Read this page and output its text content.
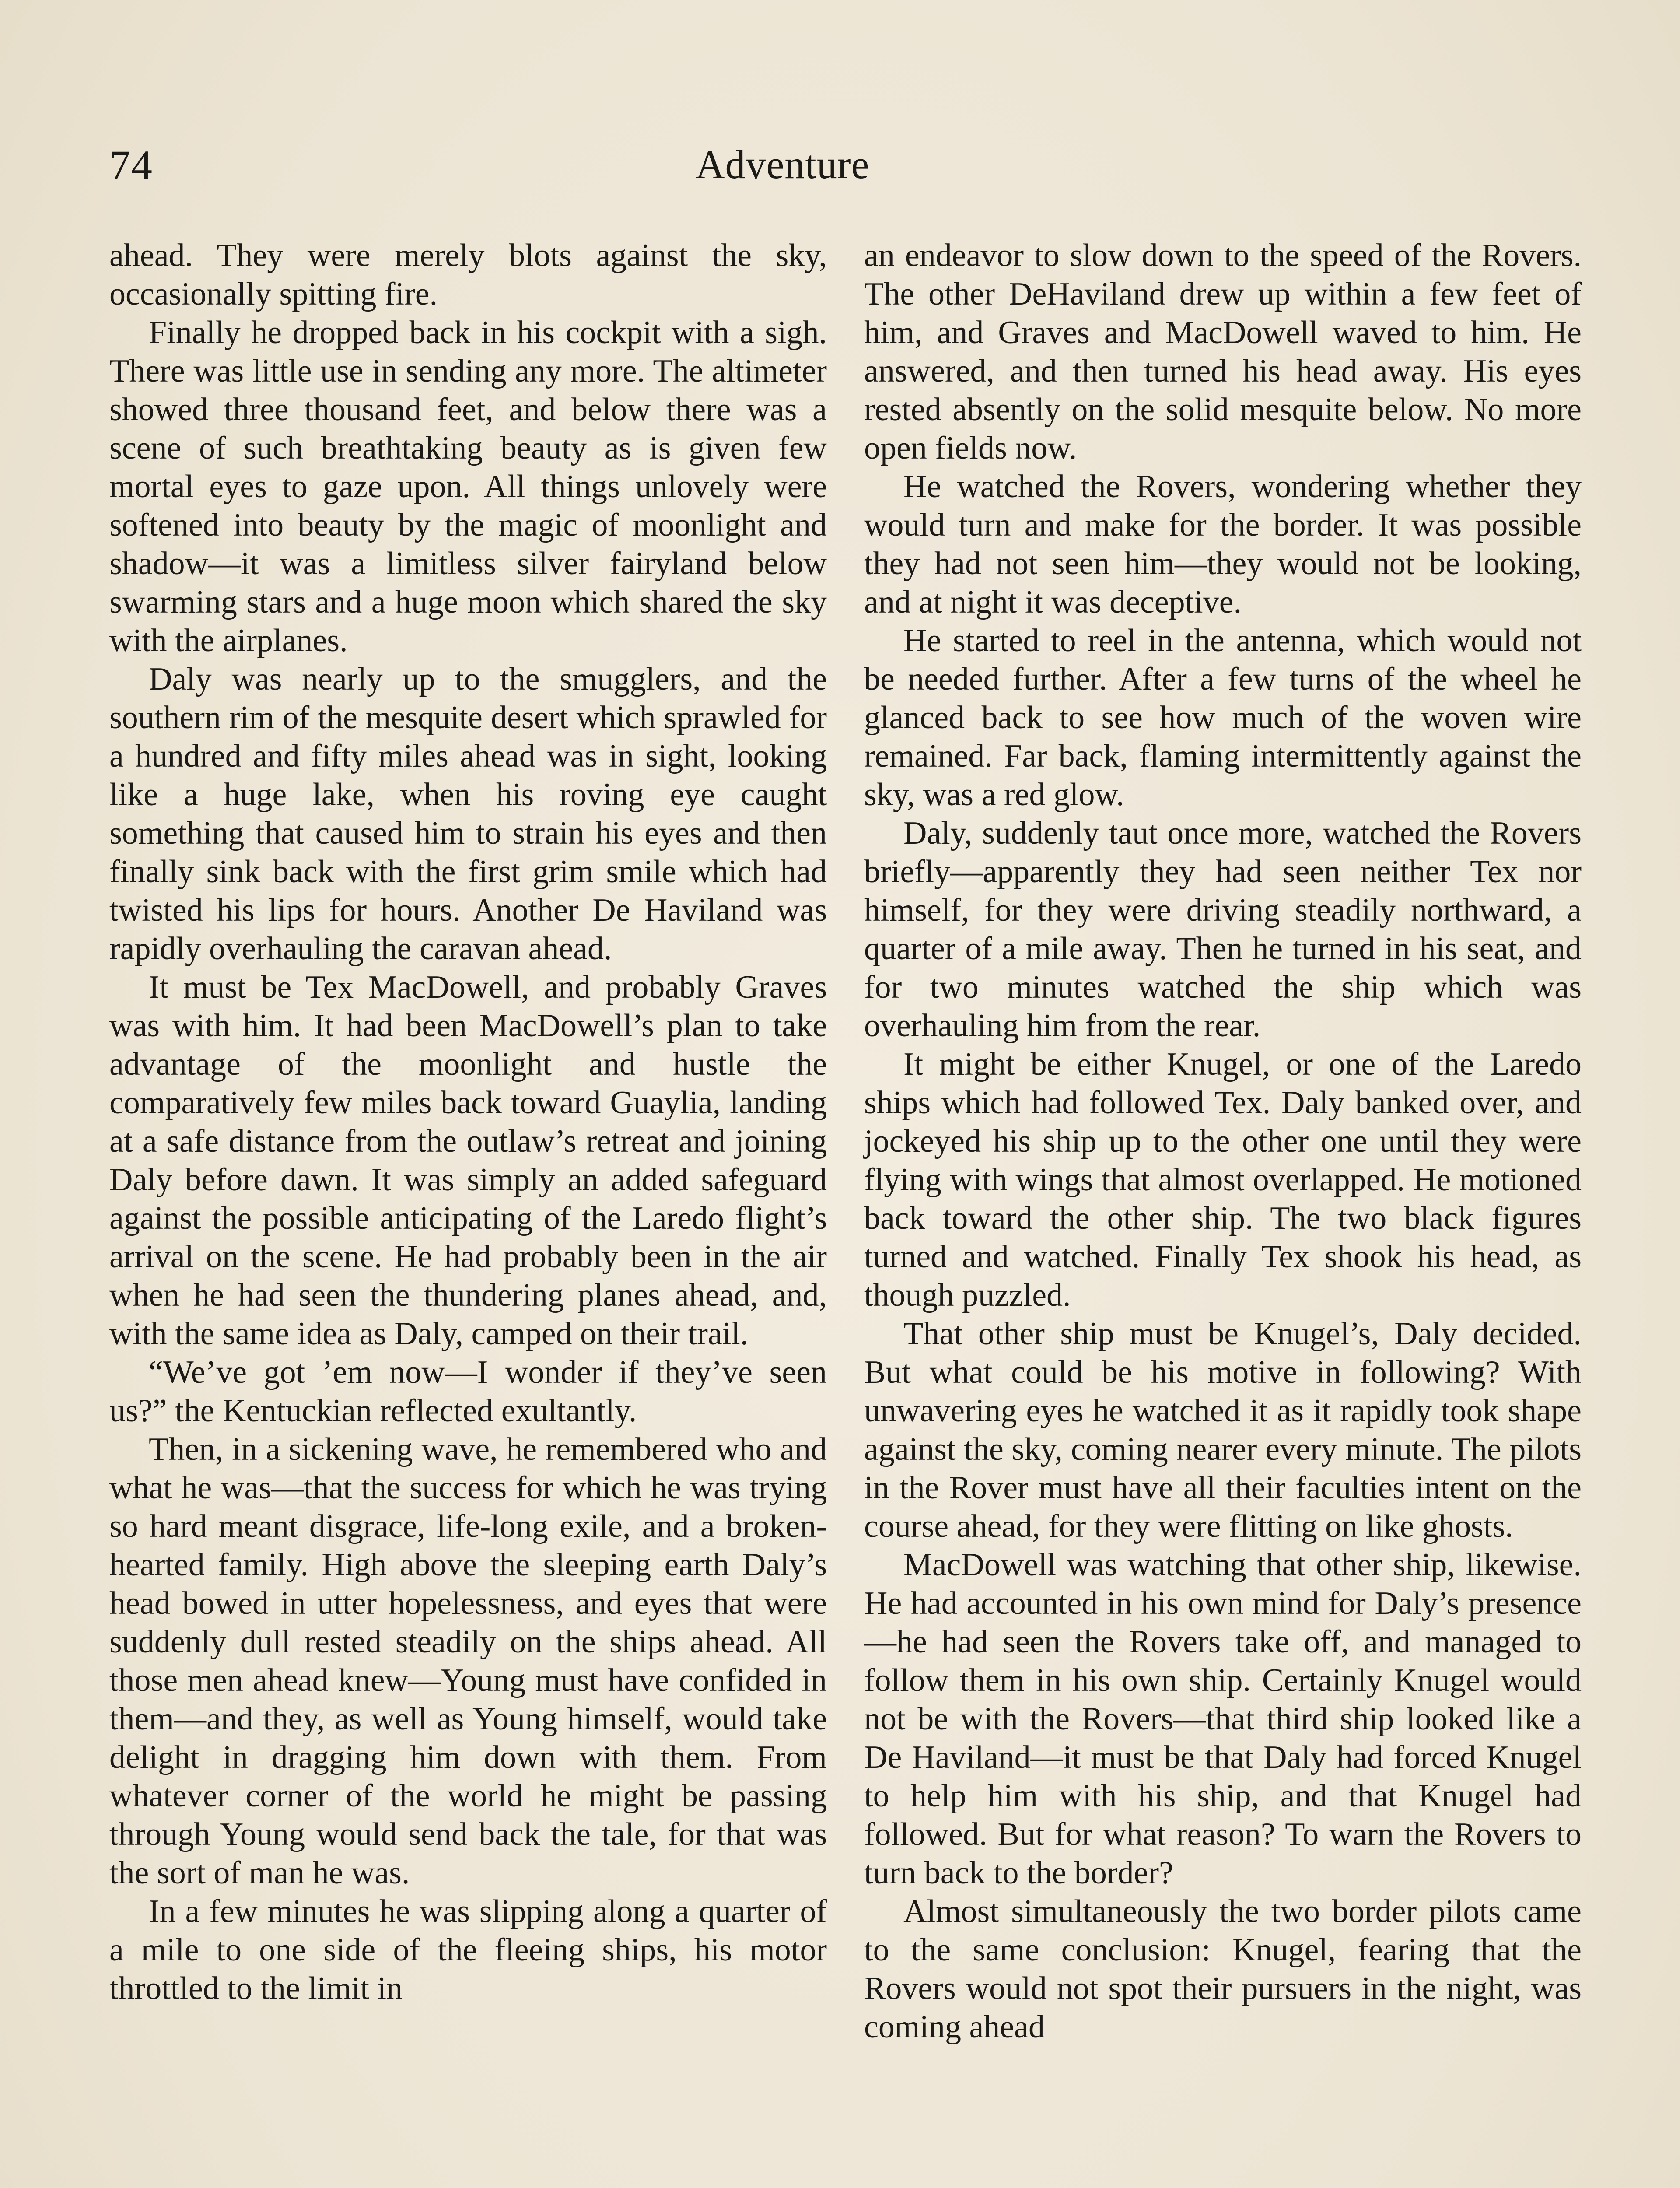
74	Adventure

ahead. They were merely blots against the sky, occasionally spitting fire.

Finally he dropped back in his cockpit with a sigh. There was little use in sending any more. The altimeter showed three thousand feet, and below there was a scene of such breathtaking beauty as is given few mortal eyes to gaze upon. All things unlovely were softened into beauty by the magic of moonlight and shadow—it was a limitless silver fairyland below swarming stars and a huge moon which shared the sky with the airplanes.

Daly was nearly up to the smugglers, and the southern rim of the mesquite desert which sprawled for a hundred and fifty miles ahead was in sight, looking like a huge lake, when his roving eye caught something that caused him to strain his eyes and then finally sink back with the first grim smile which had twisted his lips for hours. Another De Haviland was rapidly overhauling the caravan ahead.

It must be Tex MacDowell, and probably Graves was with him. It had been MacDowell’s plan to take advantage of the moonlight and hustle the comparatively few miles back toward Guaylia, landing at a safe distance from the outlaw’s retreat and joining Daly before dawn. It was simply an added safeguard against the possible anticipating of the Laredo flight’s arrival on the scene. He had probably been in the air when he had seen the thundering planes ahead, and, with the same idea as Daly, camped on their trail.

“We’ve got ’em now—I wonder if they’ve seen us?” the Kentuckian reflected exultantly.

Then, in a sickening wave, he remembered who and what he was—that the success for which he was trying so hard meant disgrace, life-long exile, and a broken-hearted family. High above the sleeping earth Daly’s head bowed in utter hopelessness, and eyes that were suddenly dull rested steadily on the ships ahead. All those men ahead knew—Young must have confided in them—and they, as well as Young himself, would take delight in dragging him down with them. From whatever corner of the world he might be passing through Young would send back the tale, for that was the sort of man he was.

In a few minutes he was slipping along a quarter of a mile to one side of the fleeing ships, his motor throttled to the limit in

an endeavor to slow down to the speed of the Rovers. The other DeHaviland drew up within a few feet of him, and Graves and MacDowell waved to him. He answered, and then turned his head away. His eyes rested absently on the solid mesquite below. No more open fields now.

He watched the Rovers, wondering whether they would turn and make for the border. It was possible they had not seen him—they would not be looking, and at night it was deceptive.

He started to reel in the antenna, which would not be needed further. After a few turns of the wheel he glanced back to see how much of the woven wire remained. Far back, flaming intermittently against the sky, was a red glow.

Daly, suddenly taut once more, watched the Rovers briefly—apparently they had seen neither Tex nor himself, for they were driving steadily northward, a quarter of a mile away. Then he turned in his seat, and for two minutes watched the ship which was overhauling him from the rear.

It might be either Knugel, or one of the Laredo ships which had followed Tex. Daly banked over, and jockeyed his ship up to the other one until they were flying with wings that almost overlapped. He motioned back toward the other ship. The two black figures turned and watched. Finally Tex shook his head, as though puzzled.

That other ship must be Knugel’s, Daly decided. But what could be his motive in following? With unwavering eyes he watched it as it rapidly took shape against the sky, coming nearer every minute. The pilots in the Rover must have all their faculties intent on the course ahead, for they were flitting on like ghosts.

MacDowell was watching that other ship, likewise. He had accounted in his own mind for Daly’s presence—he had seen the Rovers take off, and managed to follow them in his own ship. Certainly Knugel would not be with the Rovers—that third ship looked like a De Haviland—it must be that Daly had forced Knugel to help him with his ship, and that Knugel had followed. But for what reason? To warn the Rovers to turn back to the border?

Almost simultaneously the two border pilots came to the same conclusion: Knugel, fearing that the Rovers would not spot their pursuers in the night, was coming ahead
